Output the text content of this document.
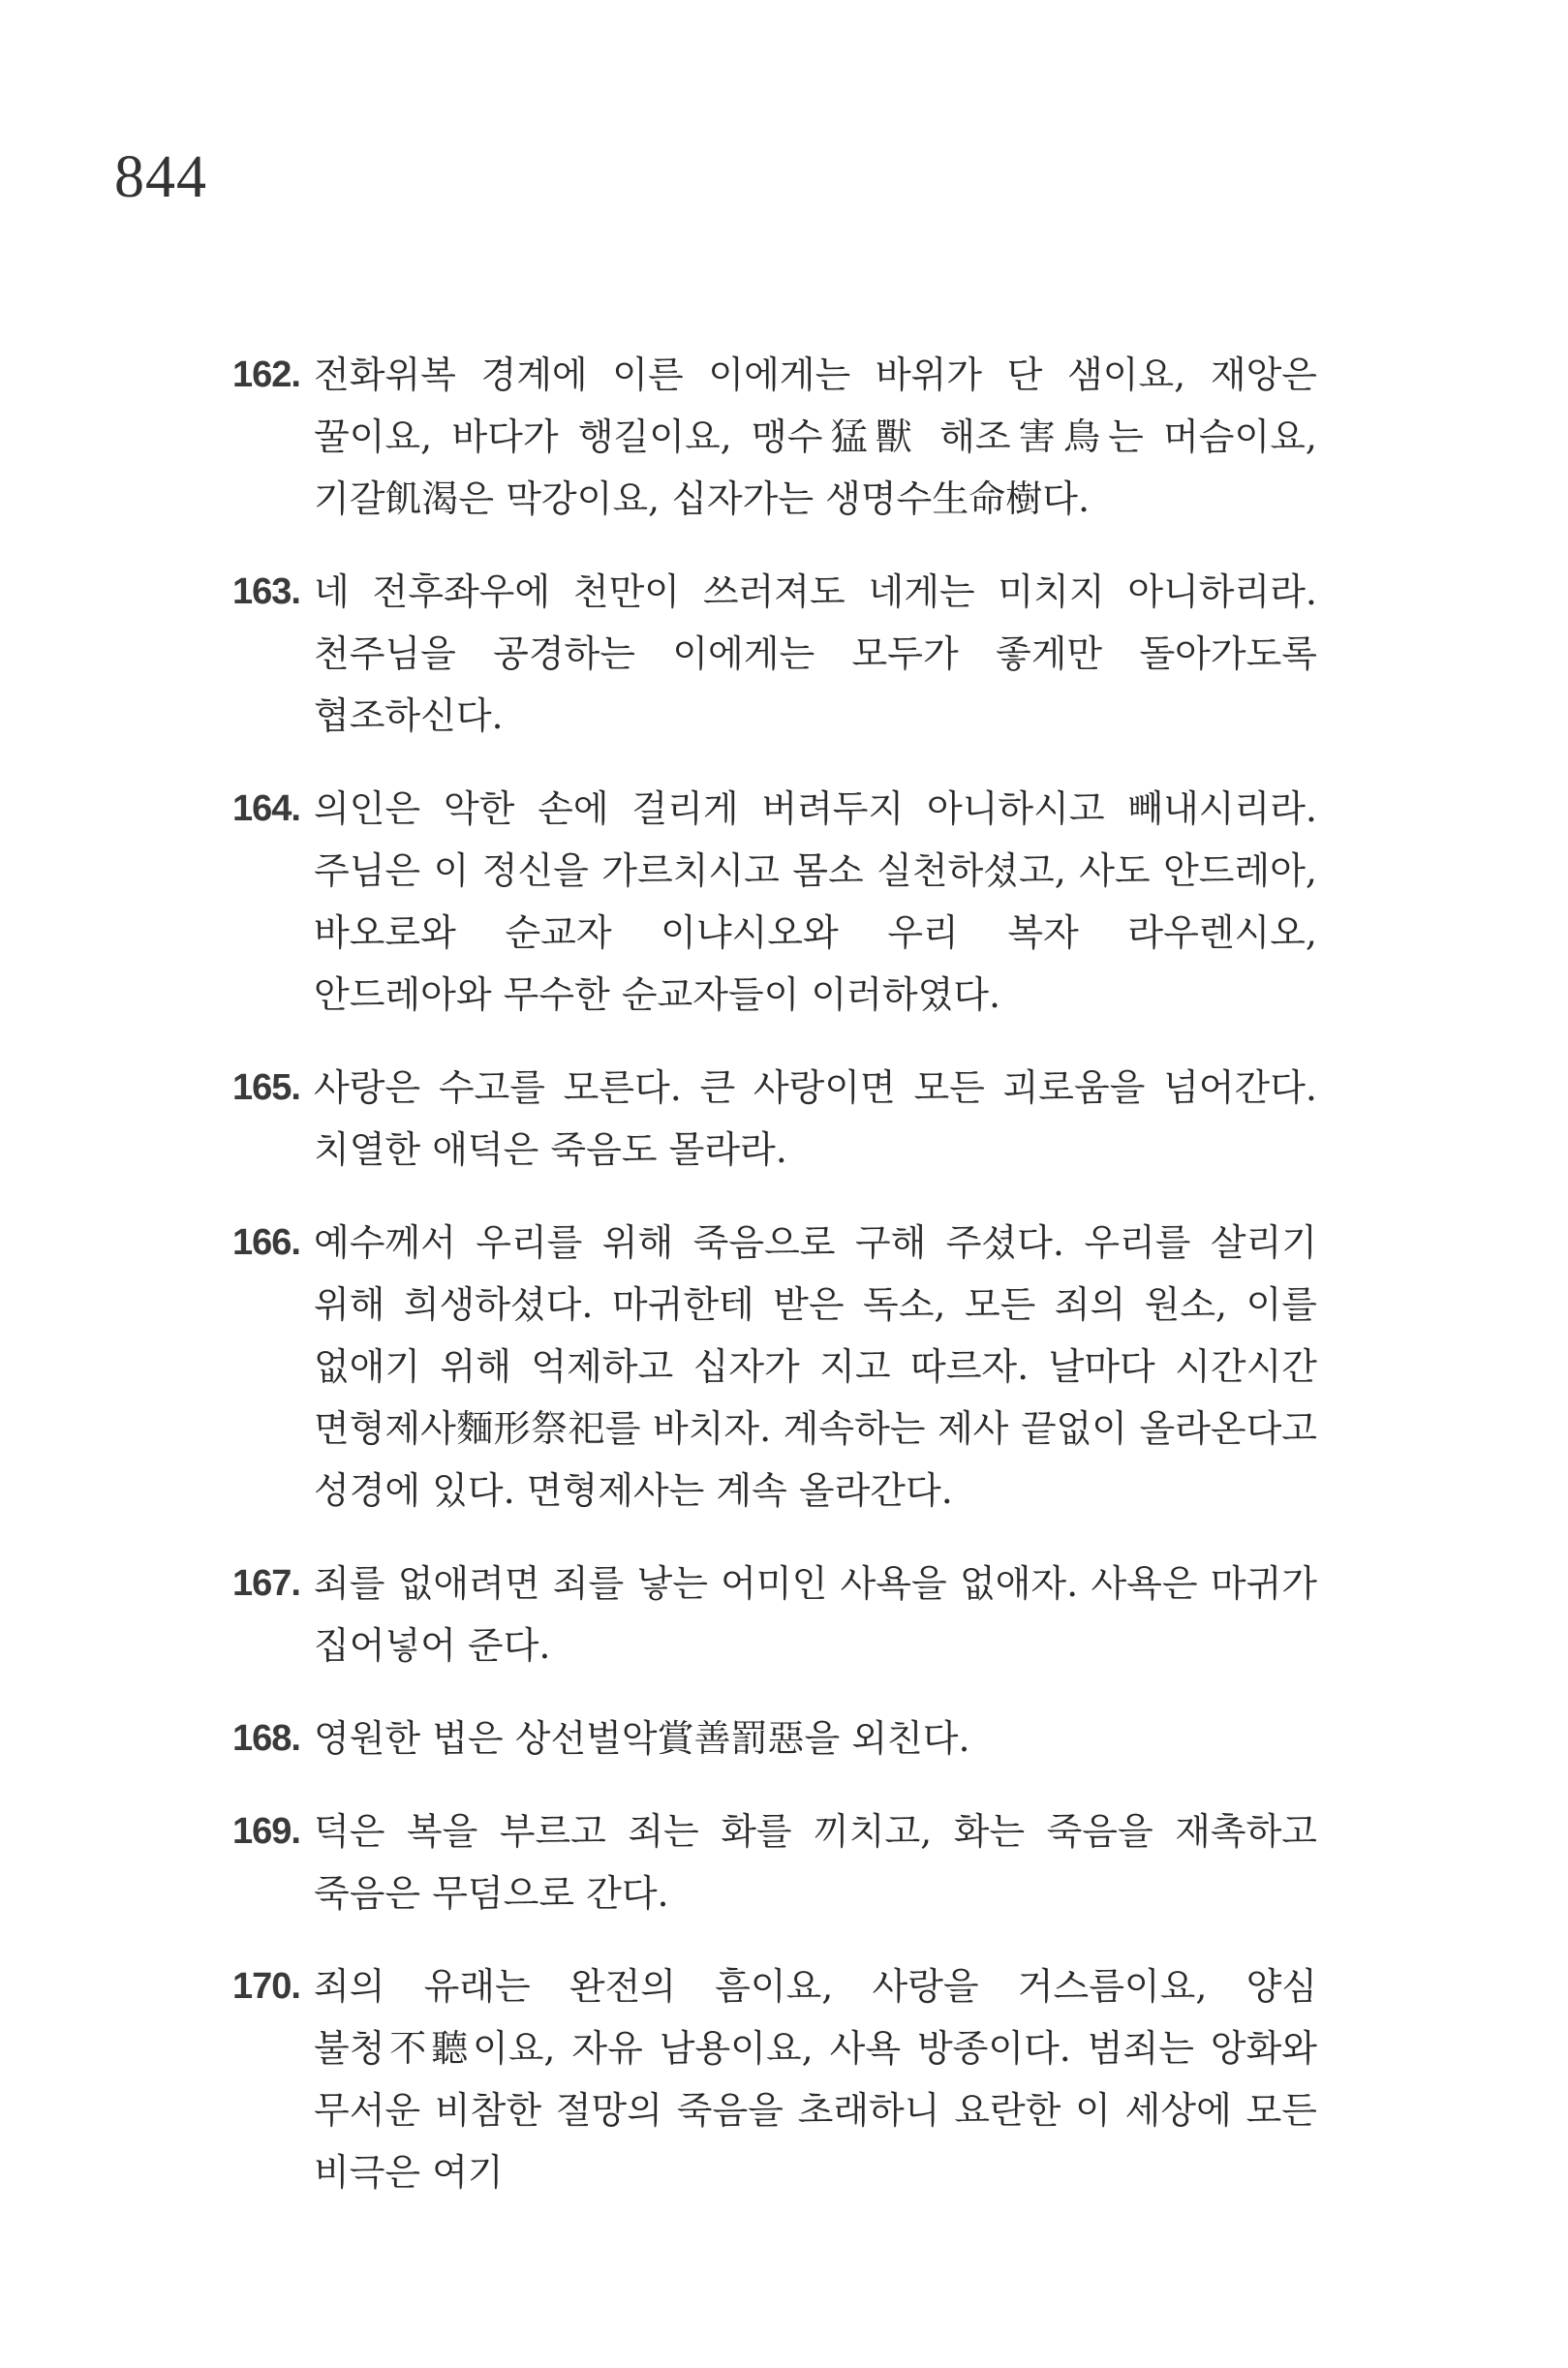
844
162. 전화위복 경계에 이른 이에게는 바위가 단 샘이요, 재앙은 꿀이요, 바다가 행길이요, 맹수猛獸 해조害鳥는 머슴이요, 기갈飢渴은 막강이요, 십자가는 생명수生命樹다.
163. 네 전후좌우에 천만이 쓰러져도 네게는 미치지 아니하리라. 천주님을 공경하는 이에게는 모두가 좋게만 돌아가도록 협조하신다.
164. 의인은 악한 손에 걸리게 버려두지 아니하시고 빼내시리라. 주님은 이 정신을 가르치시고 몸소 실천하셨고, 사도 안드레아, 바오로와 순교자 이냐시오와 우리 복자 라우렌시오, 안드레아와 무수한 순교자들이 이러하였다.
165. 사랑은 수고를 모른다. 큰 사랑이면 모든 괴로움을 넘어간다. 치열한 애덕은 죽음도 몰라라.
166. 예수께서 우리를 위해 죽음으로 구해 주셨다. 우리를 살리기 위해 희생하셨다. 마귀한테 받은 독소, 모든 죄의 원소, 이를 없애기 위해 억제하고 십자가 지고 따르자. 날마다 시간시간 면형제사麵形祭祀를 바치자. 계속하는 제사 끝없이 올라온다고 성경에 있다. 면형제사는 계속 올라간다.
167. 죄를 없애려면 죄를 낳는 어미인 사욕을 없애자. 사욕은 마귀가 집어넣어 준다.
168. 영원한 법은 상선벌악賞善罰惡을 외친다.
169. 덕은 복을 부르고 죄는 화를 끼치고, 화는 죽음을 재촉하고 죽음은 무덤으로 간다.
170. 죄의 유래는 완전의 흠이요, 사랑을 거스름이요, 양심 불청不聽이요, 자유 남용이요, 사욕 방종이다. 범죄는 앙화와 무서운 비참한 절망의 죽음을 초래하니 요란한 이 세상에 모든 비극은 여기
